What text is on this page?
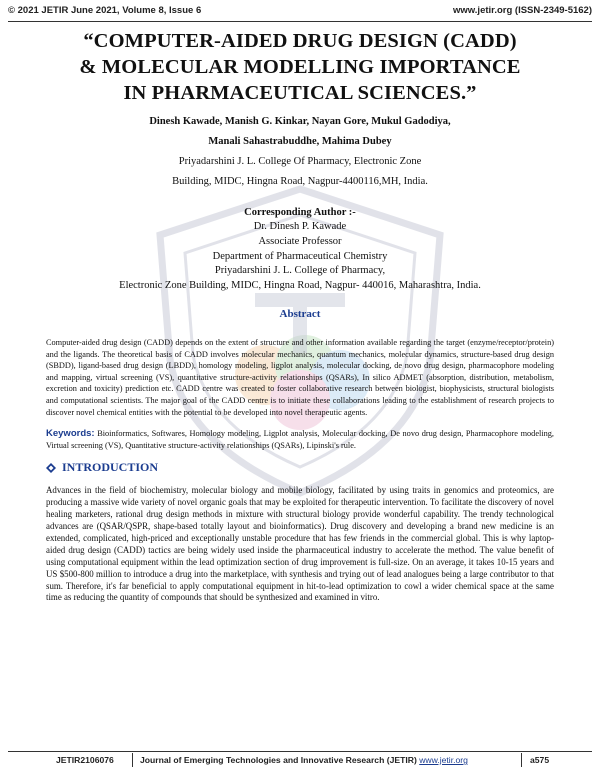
© 2021 JETIR June 2021, Volume 8, Issue 6	www.jetir.org (ISSN-2349-5162)
“COMPUTER-AIDED DRUG DESIGN (CADD)
& MOLECULAR MODELLING IMPORTANCE
IN PHARMACEUTICAL SCIENCES.”
Dinesh Kawade, Manish G. Kinkar, Nayan Gore, Mukul Gadodiya,
Manali Sahastrabuddhe, Mahima Dubey
Priyadarshini J. L. College Of Pharmacy, Electronic Zone
Building, MIDC, Hingna Road, Nagpur-4400116,MH, India.
Corresponding Author :-
Dr. Dinesh P. Kawade
Associate Professor
Department of Pharmaceutical Chemistry
Priyadarshini J. L. College of Pharmacy,
Electronic Zone Building, MIDC, Hingna Road, Nagpur- 440016, Maharashtra, India.
Abstract
Computer-aided drug design (CADD) depends on the extent of structure and other information available regarding the target (enzyme/receptor/protein) and the ligands. The theoretical basis of CADD involves molecular mechanics, quantum mechanics, molecular dynamics, structure-based drug design (SBDD), ligand-based drug design (LBDD), homology modeling, ligplot analysis, molecular docking, de novo drug design, pharmacophore modeling and mapping, virtual screening (VS), quantitative structure-activity relationships (QSARs), In silico ADMET (absorption, distribution, metabolism, excretion and toxicity) prediction etc. CADD centre was created to foster collaborative research between biologist, biophysicists, structural biologists and computational scientists. The major goal of the CADD centre is to initiate these collaborations leading to the establishment of research projects to discover novel chemical entities with the potential to be developed into novel therapeutic agents.
Keywords: Bioinformatics, Softwares, Homology modeling, Ligplot analysis, Molecular docking, De novo drug design, Pharmacophore modeling, Virtual screening (VS), Quantitative structure-activity relationships (QSARs), Lipinski's rule.
INTRODUCTION
Advances in the field of biochemistry, molecular biology and mobile biology, facilitated by using traits in genomics and proteomics, are producing a massive wide variety of novel organic goals that may be exploited for therapeutic intervention. To facilitate the discovery of novel healing marketers, rational drug design methods in mixture with structural biology provide wonderful capability. The trendy technological advances are (QSAR/QSPR, shape-based totally layout and bioinformatics). Drug discovery and developing a brand new medicine is an extended, complicated, high-priced and exceptionally unstable procedure that has few friends in the commercial global. This is why laptop-aided drug design (CADD) tactics are being widely used inside the pharmaceutical industry to accelerate the method. The value benefit of using computational equipment within the lead optimization section of drug improvement is full-size. On an average, it takes 10-15 years and US $500-800 million to introduce a drug into the marketplace, with synthesis and trying out of lead analogues being a large contributor to that sum. Therefore, it's far beneficial to apply computational equipment in hit-to-lead optimization to cowl a wider chemical space at the same time as reducing the quantity of compounds that should be synthesized and examined in vitro.
JETIR2106076	Journal of Emerging Technologies and Innovative Research (JETIR) www.jetir.org	a575
